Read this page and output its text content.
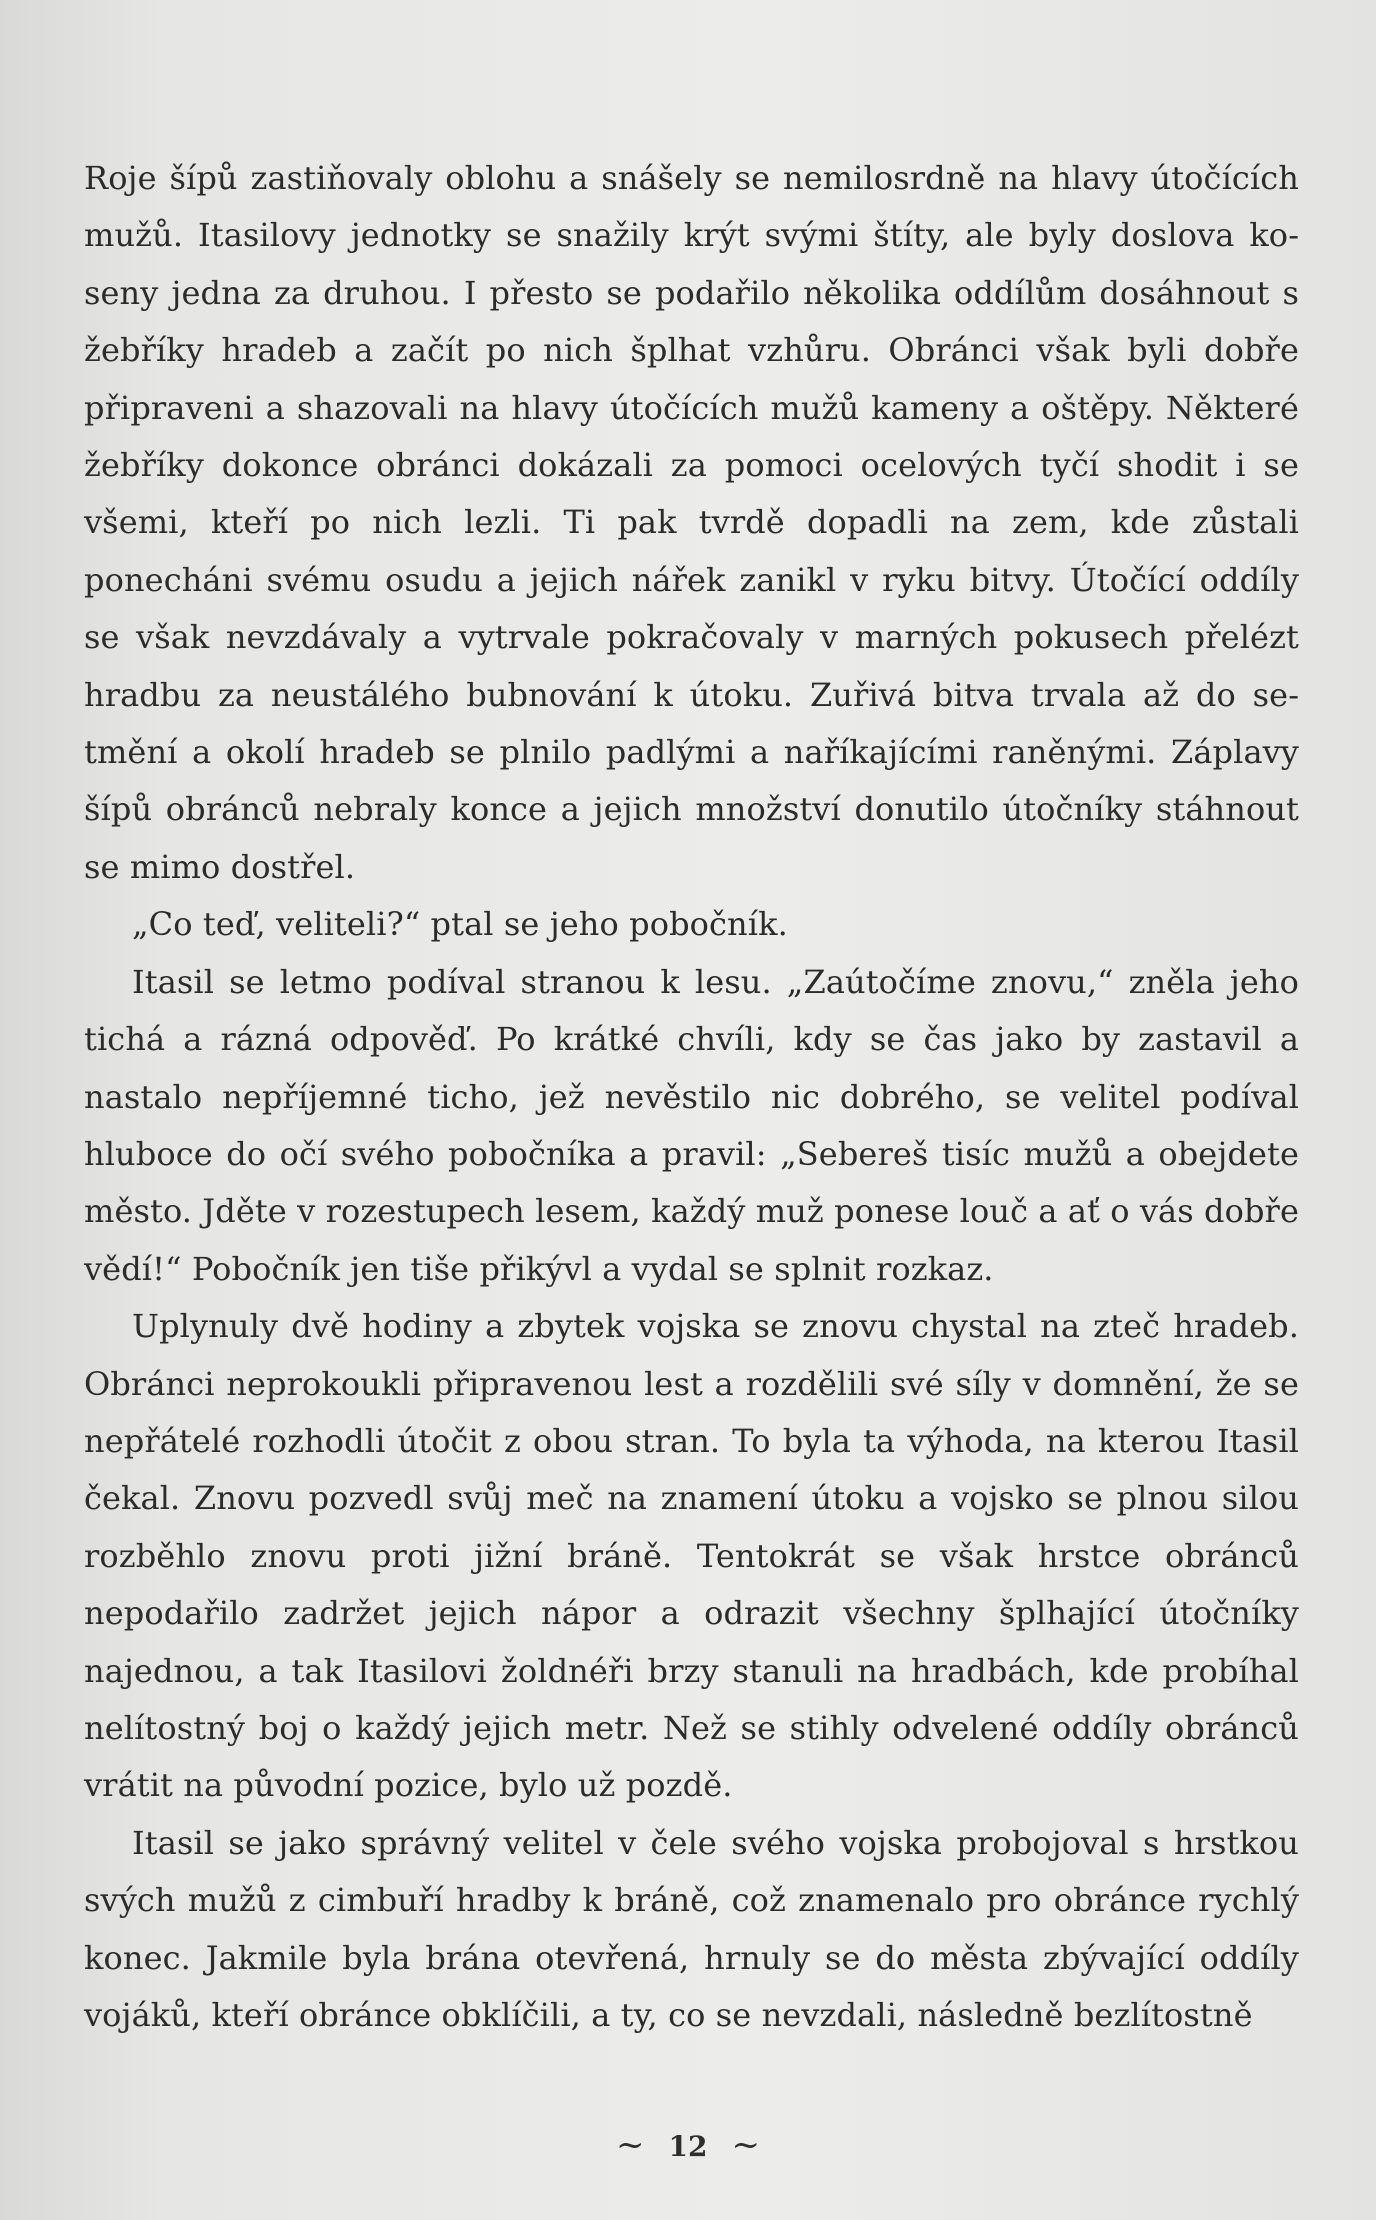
Roje šípů zastiňovaly oblohu a snášely se nemilosrdně na hlavy útočících mužů. Itasilovy jednotky se snažily krýt svými štíty, ale byly doslova koseny jedna za druhou. I přesto se podařilo několika oddílům dosáhnout s žebříky hradeb a začít po nich šplhat vzhůru. Obránci však byli dobře připraveni a shazovali na hlavy útočících mužů kameny a oštěpy. Některé žebříky dokonce obránci dokázali za pomoci ocelových tyčí shodit i se všemi, kteří po nich lezli. Ti pak tvrdě dopadli na zem, kde zůstali ponecháni svému osudu a jejich nářek zanikl v ryku bitvy. Útočící oddíly se však nevzdávaly a vytrvale pokračovaly v marných pokusech přelézt hradbu za neustálého bubnování k útoku. Zuřivá bitva trvala až do setmění a okolí hradeb se plnilo padlými a naříkajícími raněnými. Záplavy šípů obránců nebraly konce a jejich množství donutilo útočníky stáhnout se mimo dostřel.

„Co teď, veliteli?“ ptal se jeho pobočník.

Itasil se letmo podíval stranou k lesu. „Zaútočíme znovu,“ zněla jeho tichá a rázná odpověď. Po krátké chvíli, kdy se čas jako by zastavil a nastalo nepříjemné ticho, jež nevěstilo nic dobrého, se velitel podíval hluboce do očí svého pobočníka a pravil: „Sebereš tisíc mužů a obejdete město. Jděte v rozestupech lesem, každý muž ponese louč a ať o vás dobře vědí!“ Pobočník jen tiše přikývl a vydal se splnit rozkaz.

Uplynuly dvě hodiny a zbytek vojska se znovu chystal na zteč hradeb. Obránci neprokoukli připravenou lest a rozdělili své síly v domnění, že se nepřátelé rozhodli útočit z obou stran. To byla ta výhoda, na kterou Itasil čekal. Znovu pozvedl svůj meč na znamení útoku a vojsko se plnou silou rozběhlo znovu proti jižní bráně. Tentokrát se však hrstce obránců nepodařilo zadržet jejich nápor a odrazit všechny šplhající útočníky najednou, a tak Itasilovi žoldnéři brzy stanuli na hradbách, kde probíhal nelítostný boj o každý jejich metr. Než se stihly odvelené oddíly obránců vrátit na původní pozice, bylo už pozdě.

Itasil se jako správný velitel v čele svého vojska probojoval s hrstkou svých mužů z cimbuří hradby k bráně, což znamenalo pro obránce rychlý konec. Jakmile byla brána otevřená, hrnuly se do města zbývající oddíly vojáků, kteří obránce obklíčili, a ty, co se nevzdali, následně bezlítostně

~ 12 ~
